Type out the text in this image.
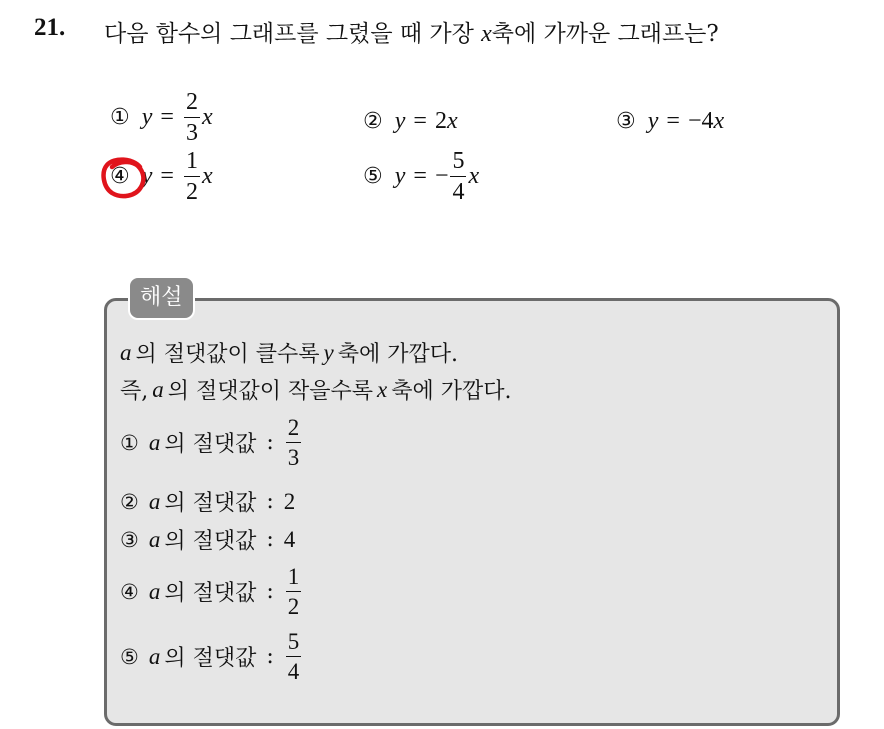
21. 다음 함수의 그래프를 그렸을 때 가장 x축에 가까운 그래프는?
① $y = \frac{2}{3}$ x	② y = 2 x	③ y = −4 x
④ $y = \frac{1}{2}$ x	⑤ y = − $\frac{5}{4}$ x
해설
a 의 절댓값이 클수록 y 축에 가깝다.
즉, a 의 절댓값이 작을수록 x 축에 가깝다.
① a 의 절댓값 : $\frac{2}{3}$
② a 의 절댓값 : 2
③ a 의 절댓값 : 4
④ a 의 절댓값 : $\frac{1}{2}$
⑤ a 의 절댓값 : $\frac{5}{4}$
